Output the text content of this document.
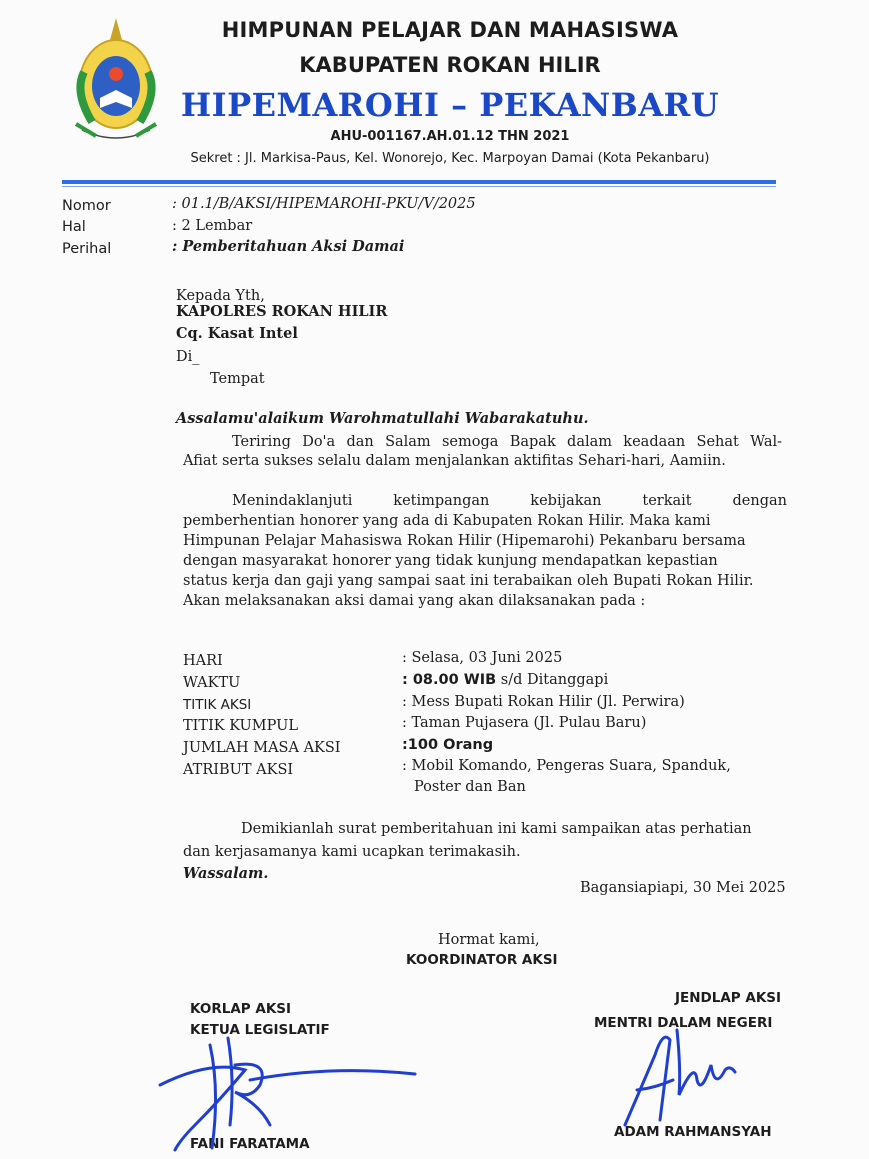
HIMPUNAN PELAJAR DAN MAHASISWA

KABUPATEN ROKAN HILIR

HIPEMAROHI – PEKANBARU

AHU-001167.AH.01.12 THN 2021

Sekret : Jl. Markisa-Paus, Kel. Wonorejo, Kec. Marpoyan Damai (Kota Pekanbaru)

Nomor	: 01.1/B/AKSI/HIPEMAROHI-PKU/V/2025

Hal	: 2 Lembar

Perihal	: Pemberitahuan Aksi Damai

Kepada Yth,

KAPOLRES ROKAN HILIR

Cq. Kasat Intel

Di_

Tempat

Assalamu'alaikum Warohmatullahi Wabarakatuhu.

Teriring Do'a dan Salam semoga Bapak dalam keadaan Sehat Wal-

Afiat serta sukses selalu dalam menjalankan aktifitas Sehari-hari, Aamiin.

Menindaklanjuti ketimpangan kebijakan terkait dengan

pemberhentian honorer yang ada di Kabupaten Rokan Hilir. Maka kami

Himpunan Pelajar Mahasiswa Rokan Hilir (Hipemarohi) Pekanbaru bersama

dengan masyarakat honorer yang tidak kunjung mendapatkan kepastian

status kerja dan gaji yang sampai saat ini terabaikan oleh Bupati Rokan Hilir.

Akan melaksanakan aksi damai yang akan dilaksanakan pada :

HARI	: Selasa, 03 Juni 2025

WAKTU	: 08.00 WIB s/d Ditanggapi

TITIK AKSI	: Mess Bupati Rokan Hilir (Jl. Perwira)

TITIK KUMPUL	: Taman Pujasera (Jl. Pulau Baru)

JUMLAH MASA AKSI	:100 Orang

ATRIBUT AKSI	: Mobil Komando, Pengeras Suara, Spanduk,

Poster dan Ban

Demikianlah surat pemberitahuan ini kami sampaikan atas perhatian

dan kerjasamanya kami ucapkan terimakasih.

Wassalam.

Bagansiapiapi, 30 Mei 2025

Hormat kami,

KOORDINATOR AKSI

KORLAP AKSI

KETUA LEGISLATIF

FANI FARATAMA

JENDLAP AKSI

MENTRI DALAM NEGERI

ADAM RAHMANSYAH
